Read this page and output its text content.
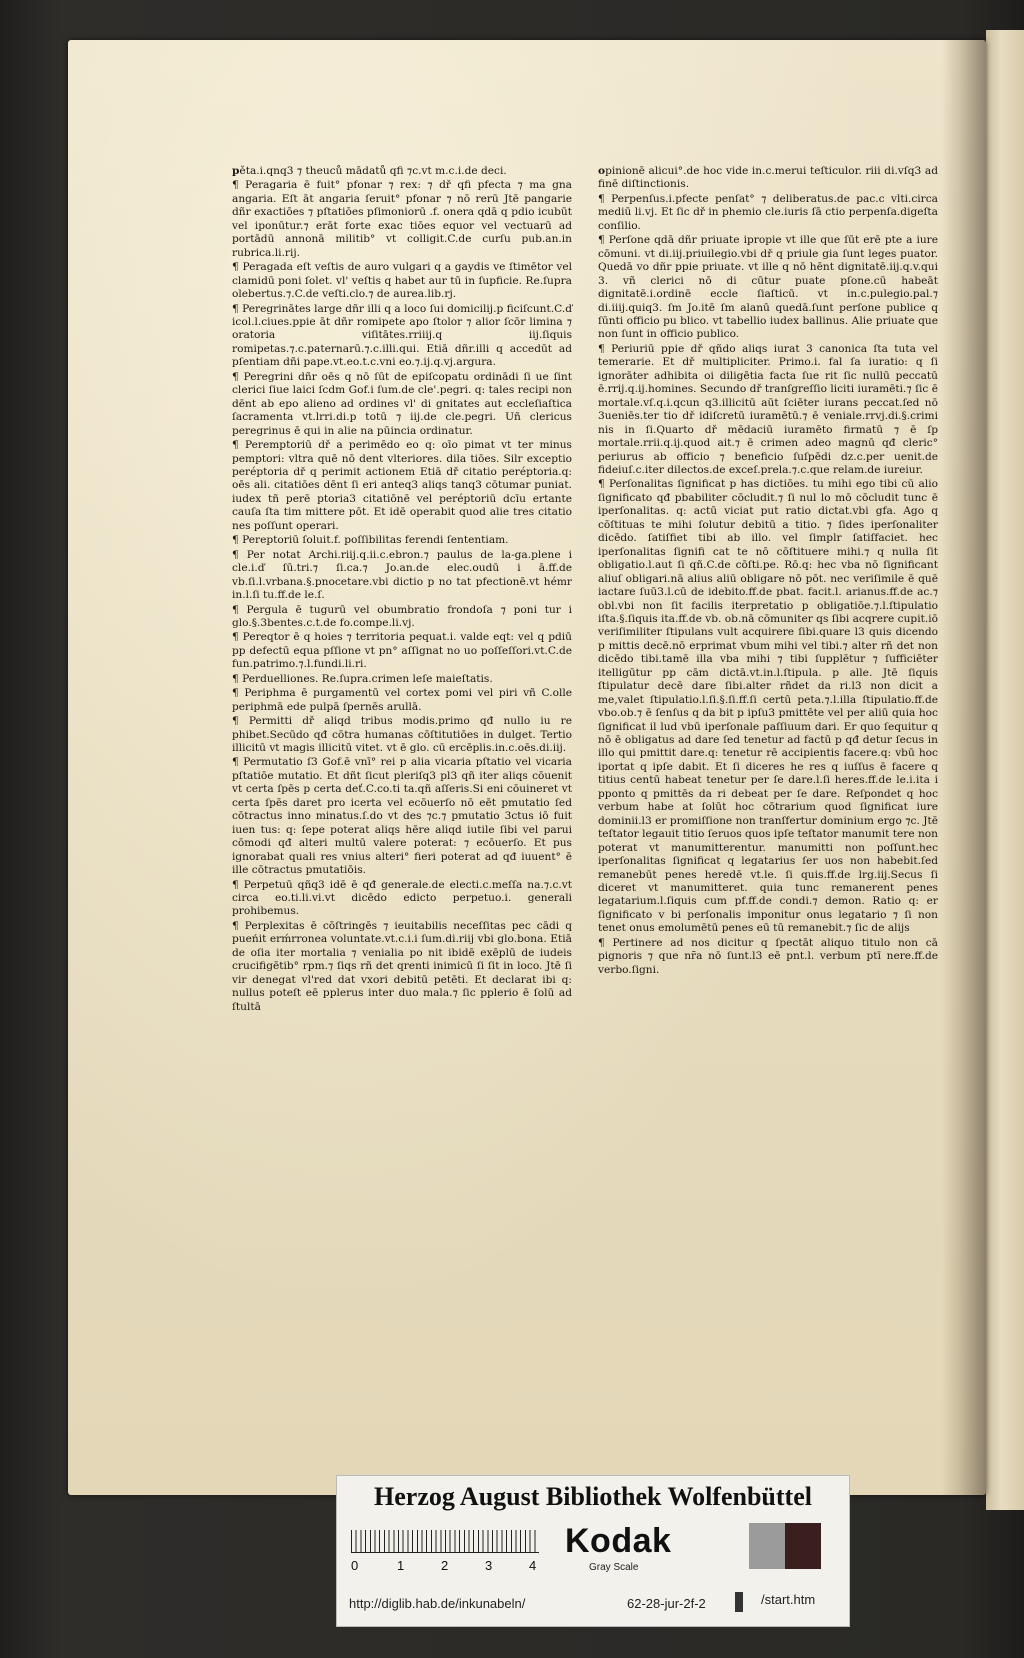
pěta.i.qnq3 ⁊ theuců mādatů qfi ⁊c.vt m.c.i.de deci.

¶ Peragaria ē fuit° pfonar ⁊ rex: ⁊ dř qfi pfecta ⁊ ma gna angaria. Eſt āt angaria ſeruit° pfonar ⁊ nō rerū Jtē pangarie dñr exactiōes ⁊ pſtatiōes pſimoniorū .f. onera qdā q pdio icubūt vel iponūtur.⁊ erāt forte exac tiōes equor vel vectuarū ad portādū annonā militib° vt colligit.C.de curſu pub.an.in rubrica.li.rij.

¶ Peragada eſt veſtis de auro vulgari q a gaydis ve ſtimētor vel clamidū poni ſolet. vl' veſtis q habet aur tū in ſupficie. Re.ſupra olebertus.⁊.C.de veſti.clo.⁊ de aurea.lib.rj.

¶ Peregrinātes large dñr illi q a loco ſui domicilij.p ficiſcunt.C.ď icol.l.ciues.ppie āt dñr romipete apo ſtolor ⁊ alior ſcōr limina ⁊ oratoria viſitātes.rriiij.q iij.ſiquis romipetas.⁊.c.paternarū.⁊.c.illi.qui. Etiā dñr.illi q accedūt ad pſentiam dñi pape.vt.eo.t.c.vni eo.⁊.ij.q.vj.argura.

¶ Peregrini dñr oēs q nō ſūt de epiſcopatu ordinādi ſi ue ſint clerici ſiue laici ſcdm Gof.i ſum.de cle'.pegri. q: tales recipi non dēnt ab epo alieno ad ordines vl' di gnitates aut eccleſiaſtica ſacramenta vt.lrri.di.p totū ⁊ iij.de cle.pegri. Uñ clericus peregrinus ē qui in alie na pūincia ordinatur.

¶ Peremptoriū dř a perimēdo eo q: oīo pimat vt ter minus pemptori: vltra quē nō dent vlteriores. dila tiōes. Silr exceptio peréptoria dř q perimit actionem Etiā dř citatio peréptoria.q: oēs ali. citatiōes dēnt ſi eri anteq3 aliqs tanq3 cōtumar puniat. iudex tñ perē ptoria3 citatiōnē vel peréptoriū dcīu ertante cauſa ſta tim mittere pōt. Et idē operabit quod alie tres citatio nes poſſunt operari.

¶ Pereptoriū ſoluit.f. poſſibilitas ferendi ſententiam.

¶ Per notat Archi.riij.q.ii.c.ebron.⁊ paulus de la-ga.plene i cle.i.ď ſū.tri.⁊ ſi.ca.⁊ Jo.an.de elec.oudū i ā.ff.de vb.ſi.l.vrbana.§.pnocetare.vbi dictio p no tat pfectionē.vt hémr in.l.ſi tu.ff.de le.ſ.

¶ Pergula ē tugurū vel obumbratio frondoſa ⁊ poni tur i glo.§.3bentes.c.t.de fo.compe.li.vj.

¶ Pereqtor ē q hoies ⁊ territoria pequat.i. valde eqt: vel q pdiū pp defectū equa pſſione vt pn° aſſignat no uo poſſeſſori.vt.C.de fun.patrimo.⁊.l.fundi.li.ri.

¶ Perduelliones. Re.ſupra.crimen leſe maieſtatis.

¶ Periphma ē purgamentū vel cortex pomi vel piri vñ C.olle periphmā ede pulpā ſpernēs arullā.

¶ Permitti dř aliqd tribus modis.primo qđ nullo iu re phibet.Secūdo qđ cōtra humanas cōſtitutiōes in dulget. Tertio illicitū vt magis illicitū vitet. vt ē glo. cū ercēplis.in.c.oēs.di.iij.

¶ Permutatio ſ3 Gof.ē vnī° rei p alia vicaria pſtatio vel vicaria pſtatiōe mutatio. Et dñt ſicut pleriſq3 pl3 qñ iter aliqs cōuenit vt certa ſpēs p certa deť.C.co.ti ta.qñ aſſeris.Si eni cōuineret vt certa ſpēs daret pro icerta vel ecōuerſo nō eēt pmutatio ſed cōtractus inno minatus.ſ.do vt des ⁊c.⁊ pmutatio 3ctus iō fuit iuen tus: q: ſepe poterat aliqs hēre aliqd iutile ſibi vel parui cōmodi qđ alteri multū valere poterat: ⁊ ecōuerſo. Et pus ignorabat quali res vnius alteri° fieri poterat ad qđ iuuent° ē ille cōtractus pmutatiōis.

¶ Perpetuū qñq3 idē ē qđ generale.de electi.c.meſſa na.⁊.c.vt circa eo.ti.li.vi.vt dicēdo edicto perpetuo.i. generali prohibemus.

¶ Perplexitas ē cōſtringēs ⁊ ieuitabilis neceſſitas pec cādi q pueńit erḿrronea voluntate.vt.c.i.i ſum.di.riij vbi glo.bona. Etiā de oſia iter mortalia ⁊ venialia po nit ibidē exēplū de iudeis crucifigētib° rpm.⁊ ſiqs rñ det qrenti inimicū ſi ſit in loco. Jtē ſi vir denegat vl'red dat vxori debitū petēti. Et declarat ibi q: nullus poteſt eē pplerus inter duo mala.⁊ ſic pplerio ē ſolū ad ſtultā

opinionē alicui°.de hoc vide in.c.merui teſticulor. riii di.vſq3 ad finē diſtinctionis.

¶ Perpenſus.i.pfecte penſat° ⁊ deliberatus.de pac.c vlti.circa mediū li.vj. Et ſic dř in phemio cle.iuris ſā ctio perpenſa.digeſta conſilio.

¶ Perſone qdā dñr priuate ipropie vt ille que ſūt erē pte a iure cōmuni. vt di.iij.priuilegio.vbi dř q priule gia ſunt leges puator. Quedā vo dñr ppie priuate. vt ille q nō hēnt dignitatē.iij.q.v.qui 3. vñ clerici nō di cūtur puate pſone.cū habeāt dignitatē.i.ordinē eccle ſiaſticū. vt in.c.pulegio.pal.⁊ di.iiij.quiq3. ſm Jo.itē ſm alanū quedā.ſunt perſone publice q ſūnti officio pu blico. vt tabellio iudex ballinus. Alie priuate que non ſunt in officio publico.

¶ Periuriū ppie dř qñdo aliqs iurat 3 canonica ſta tuta vel temerarie. Et dř multipliciter. Primo.i. fal ſa iuratio: q ſi ignorāter adhibita oi diligētia facta ſue rit ſic nullū peccatū ē.rrij.q.ij.homines. Secundo dř tranſgreſſio liciti iuramēti.⁊ ſic ē mortale.vſ.q.i.qcun q3.illicitū aūt ſciēter iurans peccat.ſed nō 3ueniēs.ter tio dř idiſcretū iuramētū.⁊ ē veniale.rrvj.di.§.crimi nis in ſi.Quarto dř mēdaciū iuramēto firmatū ⁊ ē ſp mortale.rrii.q.ij.quod ait.⁊ ē crimen adeo magnū qđ cleric° periurus ab officio ⁊ beneficio ſuſpēdi dz.c.per uenit.de fideiuſ.c.iter dilectos.de exceſ.prela.⁊.c.que relam.de iureiur.

¶ Perſonalitas ſignificat p has dictiōes. tu mihi ego tibi cū alio ſignificato qđ pbabiliter cōcludit.⁊ ſi nul lo mō cōcludit tunc ē iperſonalitas. q: actū viciat put ratio dictat.vbi gfa. Ago q cōſtituas te mihi ſolutur debitū a titio. ⁊ ſides iperſonaliter dicēdo. ſatiſfiet tibi ab illo. vel ſimplr ſatiſfaciet. hec iperſonalitas ſignifi cat te nō cōſtituere mihi.⁊ q nulla ſit obligatio.l.aut ſi qñ.C.de cōſti.pe. Rō.q: hec vba nō ſignificant aliuſ obligari.nā alius aliū obligare nō pōt. nec veriſimile ē quē iactare ſuū3.l.cū de idebito.ff.de pbat. facit.l. arianus.ff.de ac.⁊ obl.vbi non ſit facilis iterpretatio p obligatiōe.⁊.l.ſtipulatio iſta.§.ſiquis ita.ff.de vb. ob.nā cōmuniter qs ſibi acqrere cupit.iō veriſimiliter ſtipulans vult acquirere ſibi.quare l3 quis dicendo p mittis decē.nō erprimat vbum mihi vel tibi.⁊ alter rñ det non dicēdo tibi.tamē illa vba mihi ⁊ tibi ſupplētur ⁊ ſufficiēter itelligūtur pp cām dictā.vt.in.l.ſtipula. p alle. Jtē ſiquis ſtipulatur decē dare ſibi.alter rñdet da ri.l3 non dicit a me,valet ſtipulatio.l.ſi.§.ſi.ff.ſi certū peta.⁊.l.illa ſtipulatio.ff.de vbo.ob.⁊ ē ſenſus q da bit p ipſu3 pmittēte vel per aliū quia hoc ſignificat il lud vbū iperſonale paſſiuum dari. Er quo ſequitur q nō ē obligatus ad dare ſed tenetur ad factū p qđ detur ſecus in illo qui pmittit dare.q: tenetur rē accipientis facere.q: vbū hoc iportat q ipſe dabit. Et ſi diceres he res q iuſſus ē facere q titius centū habeat tenetur per ſe dare.l.ſi heres.ff.de le.i.ita i pponto q pmittēs da ri debeat per ſe dare. Reſpondet q hoc verbum habe at ſolūt hoc cōtrarium quod ſignificat iure dominii.l3 er promiſſione non tranſfertur dominium ergo ⁊c. Jtē teſtator legauit titio ſeruos quos ipſe teſtator manumit tere non poterat vt manumitterentur. manumitti non poſſunt.hec iperſonalitas ſignificat q legatarius ſer uos non habebit.ſed remanebūt penes heredē vt.le. ſi quis.ff.de lrg.iij.Secus ſi diceret vt manumitteret. quia tunc remanerent penes legatarium.l.ſiquis cum pf.ff.de condi.⁊ demon. Ratio q: er ſignificato v bi perſonalis imponitur onus legatario ⁊ ſi non tenet onus emolumētū penes eū tū remanebit.⁊ ſic de alijs

¶ Pertinere ad nos dicitur q ſpectāt aliquo titulo non cā pignoris ⁊ que nr̄a nō ſunt.l3 eē pnt.l. verbum ptī nere.ff.de verbo.ſigni.

Herzog August Bibliothek Wolfenbüttel
0	1	2	3	4
Kodak
Gray Scale
http://diglib.hab.de/inkunabeln/	62-28-jur-2f-2	/start.htm
